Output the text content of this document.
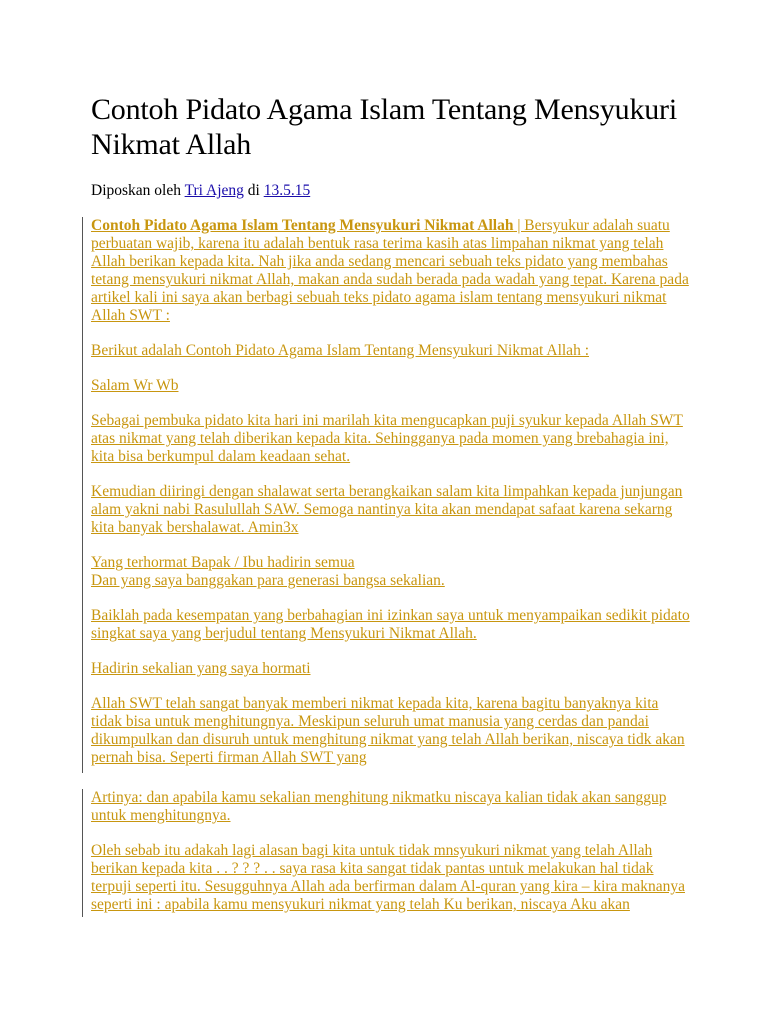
Contoh Pidato Agama Islam Tentang Mensyukuri Nikmat Allah
Diposkan oleh Tri Ajeng di 13.5.15

Contoh Pidato Agama Islam Tentang Mensyukuri Nikmat Allah | Bersyukur adalah suatu perbuatan wajib, karena itu adalah bentuk rasa terima kasih atas limpahan nikmat yang telah Allah berikan kepada kita. Nah jika anda sedang mencari sebuah teks pidato yang membahas tetang mensyukuri nikmat Allah, makan anda sudah berada pada wadah yang tepat. Karena pada artikel kali ini saya akan berbagi sebuah teks pidato agama islam tentang mensyukuri nikmat Allah SWT :

Berikut adalah Contoh Pidato Agama Islam Tentang Mensyukuri Nikmat Allah :

Salam Wr Wb

Sebagai pembuka pidato kita hari ini marilah kita mengucapkan puji syukur kepada Allah SWT atas nikmat yang telah diberikan kepada kita. Sehingganya pada momen yang brebahagia ini, kita bisa berkumpul dalam keadaan sehat.

Kemudian diiringi dengan shalawat serta berangkaikan salam kita limpahkan kepada junjungan alam yakni nabi Rasulullah SAW. Semoga nantinya kita akan mendapat safaat karena sekarng kita banyak bershalawat. Amin3x

Yang terhormat Bapak / Ibu hadirin semua
Dan yang saya banggakan para generasi bangsa sekalian.

Baiklah pada kesempatan yang berbahagian ini izinkan saya untuk menyampaikan sedikit pidato singkat saya yang berjudul tentang Mensyukuri Nikmat Allah.

Hadirin sekalian yang saya hormati

Allah SWT telah sangat banyak memberi nikmat kepada kita, karena bagitu banyaknya kita tidak bisa untuk menghitungnya. Meskipun seluruh umat manusia yang cerdas dan pandai dikumpulkan dan disuruh untuk menghitung nikmat yang telah Allah berikan, niscaya tidk akan pernah bisa. Seperti firman Allah SWT yang

Artinya: dan apabila kamu sekalian menghitung nikmatku niscaya kalian tidak akan sanggup untuk menghitungnya.

Oleh sebab itu adakah lagi alasan bagi kita untuk tidak mnsyukuri nikmat yang telah Allah berikan kepada kita . . ? ? ? . . saya rasa kita sangat tidak pantas untuk melakukan hal tidak terpuji seperti itu. Sesugguhnya Allah ada berfirman dalam Al-quran yang kira – kira maknanya seperti ini : apabila kamu mensyukuri nikmat yang telah Ku berikan, niscaya Aku akan
